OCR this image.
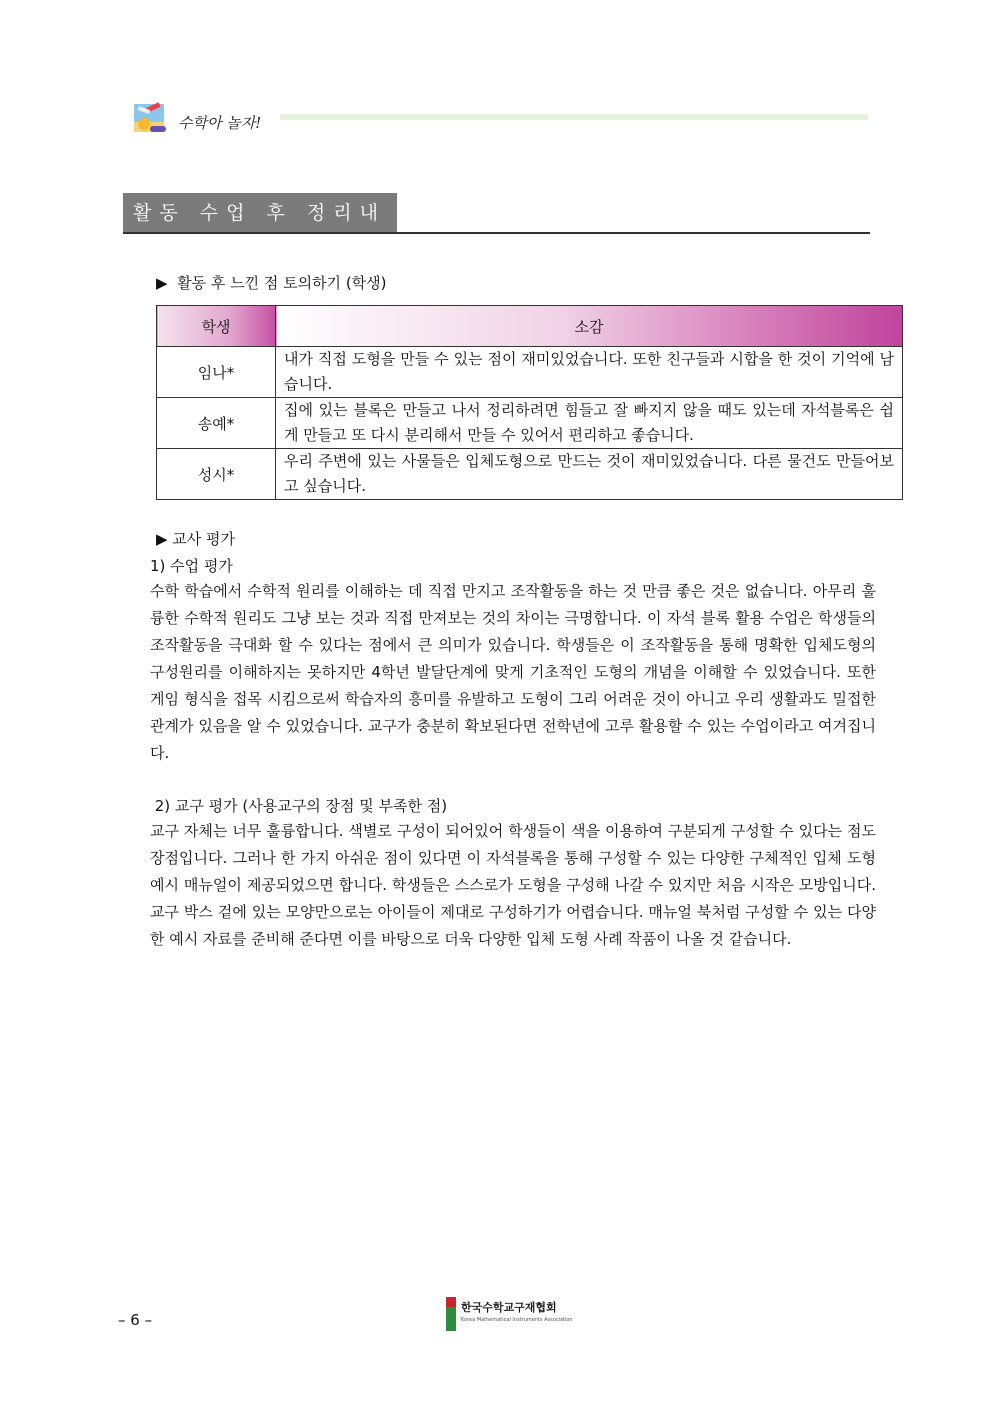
수학아 놀자!
활동 수업 후 정리내용
▶  활동 후 느낀 점 토의하기 (학생)
학생	소감
임나*	내가 직접 도형을 만들 수 있는 점이 재미있었습니다. 또한 친구들과 시합을 한 것이 기억에 남습니다.
송예*	집에 있는 블록은 만들고 나서 정리하려면 힘들고 잘 빠지지 않을 때도 있는데 자석블록은 쉽게 만들고 또 다시 분리해서 만들 수 있어서 편리하고 좋습니다.
성시*	우리 주변에 있는 사물들은 입체도형으로 만드는 것이 재미있었습니다. 다른 물건도 만들어보고 싶습니다.
▶ 교사 평가
1) 수업 평가
수학 학습에서 수학적 원리를 이해하는 데 직접 만지고 조작활동을 하는 것 만큼 좋은 것은 없습니다. 아무리 훌륭한 수학적 원리도 그냥 보는 것과 직접 만져보는 것의 차이는 극명합니다. 이 자석 블록 활용 수업은 학생들의 조작활동을 극대화 할 수 있다는 점에서 큰 의미가 있습니다. 학생들은 이 조작활동을 통해 명확한 입체도형의 구성원리를 이해하지는 못하지만 4학년 발달단계에 맞게 기초적인 도형의 개념을 이해할 수 있었습니다. 또한 게임 형식을 접목 시킴으로써 학습자의 흥미를 유발하고 도형이 그리 어려운 것이 아니고 우리 생활과도 밀접한 관계가 있음을 알 수 있었습니다. 교구가 충분히 확보된다면 전학년에 고루 활용할 수 있는 수업이라고 여겨집니다.
2) 교구 평가 (사용교구의 장점 및 부족한 점)
교구 자체는 너무 훌륭합니다. 색별로 구성이 되어있어 학생들이 색을 이용하여 구분되게 구성할 수 있다는 점도 장점입니다. 그러나 한 가지 아쉬운 점이 있다면 이 자석블록을 통해 구성할 수 있는 다양한 구체적인 입체 도형 예시 매뉴얼이 제공되었으면 합니다. 학생들은 스스로가 도형을 구성해 나갈 수 있지만 처음 시작은 모방입니다. 교구 박스 겉에 있는 모양만으로는 아이들이 제대로 구성하기가 어렵습니다. 매뉴얼 북처럼 구성할 수 있는 다양한 예시 자료를 준비해 준다면 이를 바탕으로 더욱 다양한 입체 도형 사례 작품이 나올 것 같습니다.
– 6 –
한국수학교구재협회
Korea Mathematical Instruments Association
